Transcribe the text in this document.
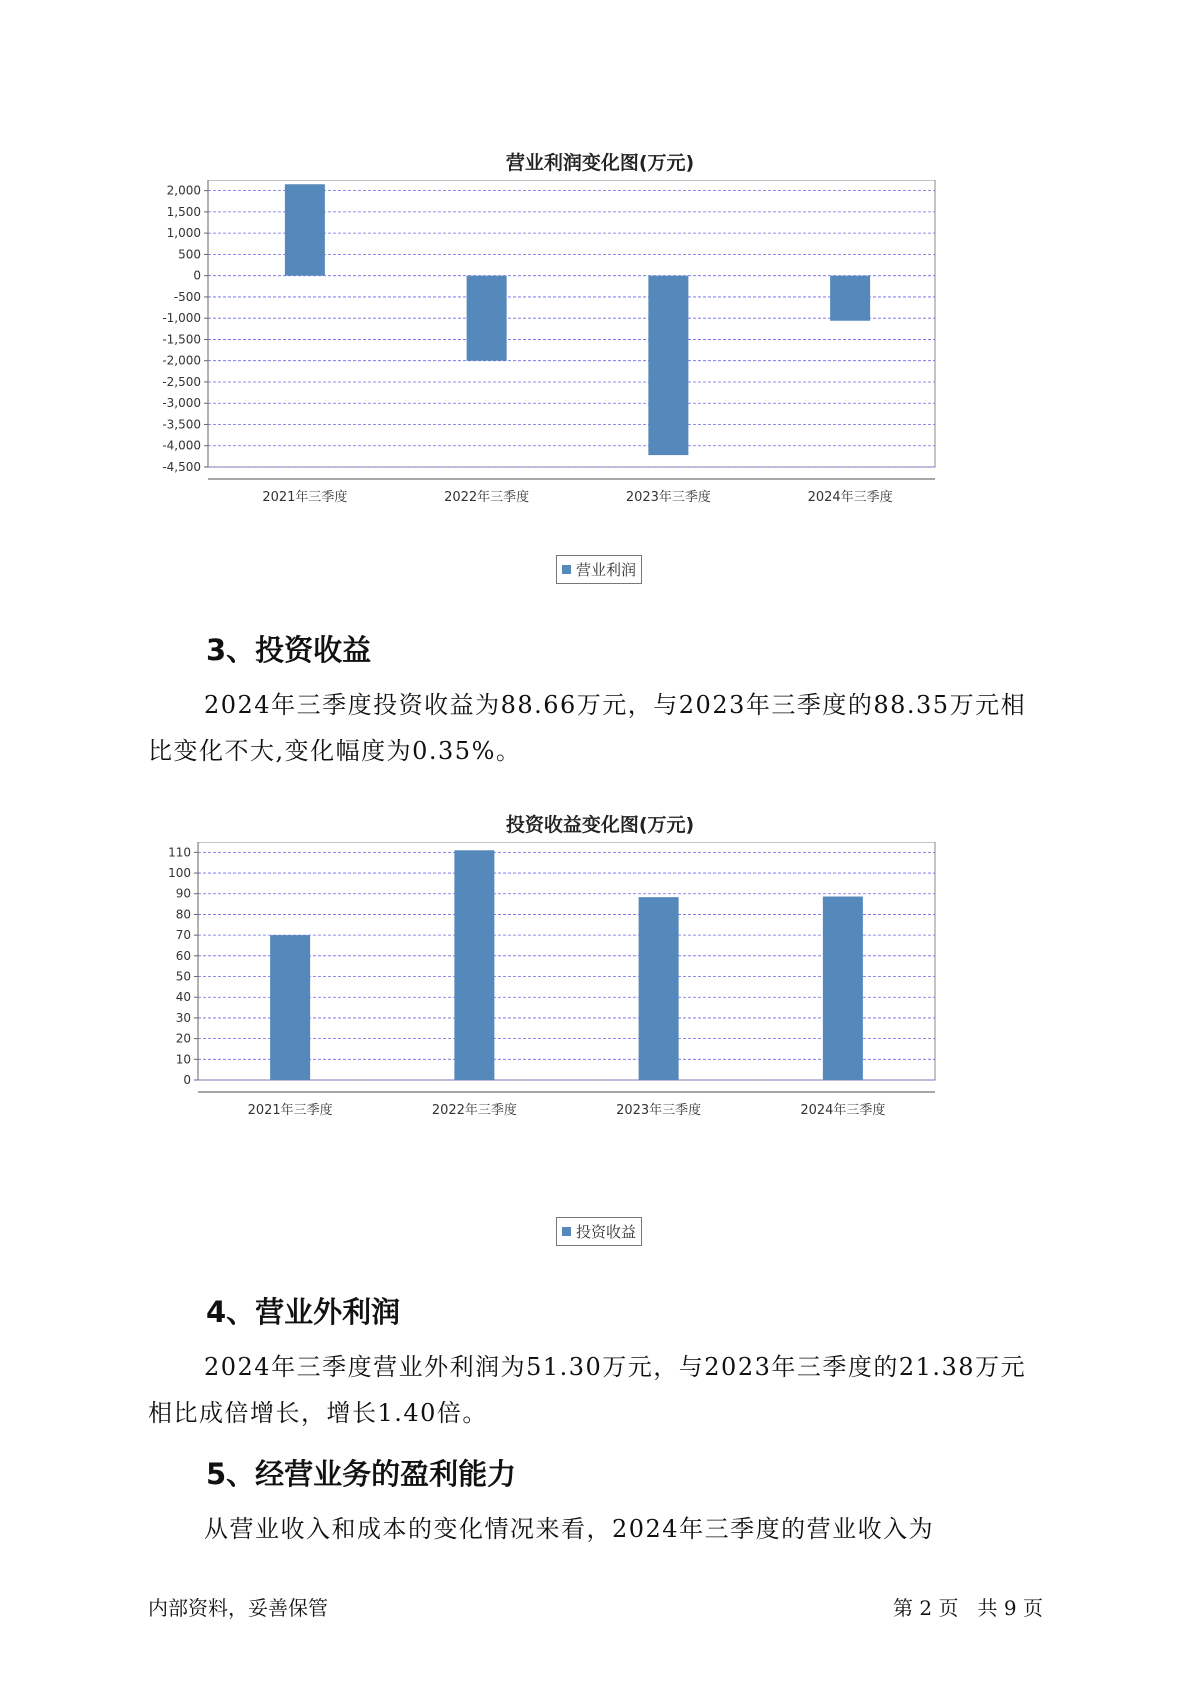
营业利润变化图(万元)
2,000
1,500
1,000
500
0
-500
-1,000
-1,500
-2,000
-2,500
-3,000
-3,500
-4,000
-4,500
2021年三季度	2022年三季度	2023年三季度	2024年三季度
营业利润
3、投资收益

2024年三季度投资收益为88.66万元，与2023年三季度的88.35万元相比变化不大,变化幅度为0.35%。

投资收益变化图(万元)
110
100
90
80
70
60
50
40
30
20
10
0
2021年三季度	2022年三季度	2023年三季度	2024年三季度
投资收益
4、营业外利润

2024年三季度营业外利润为51.30万元，与2023年三季度的21.38万元相比成倍增长，增长1.40倍。

5、经营业务的盈利能力

从营业收入和成本的变化情况来看，2024年三季度的营业收入为

内部资料，妥善保管	第 2 页   共 9 页
